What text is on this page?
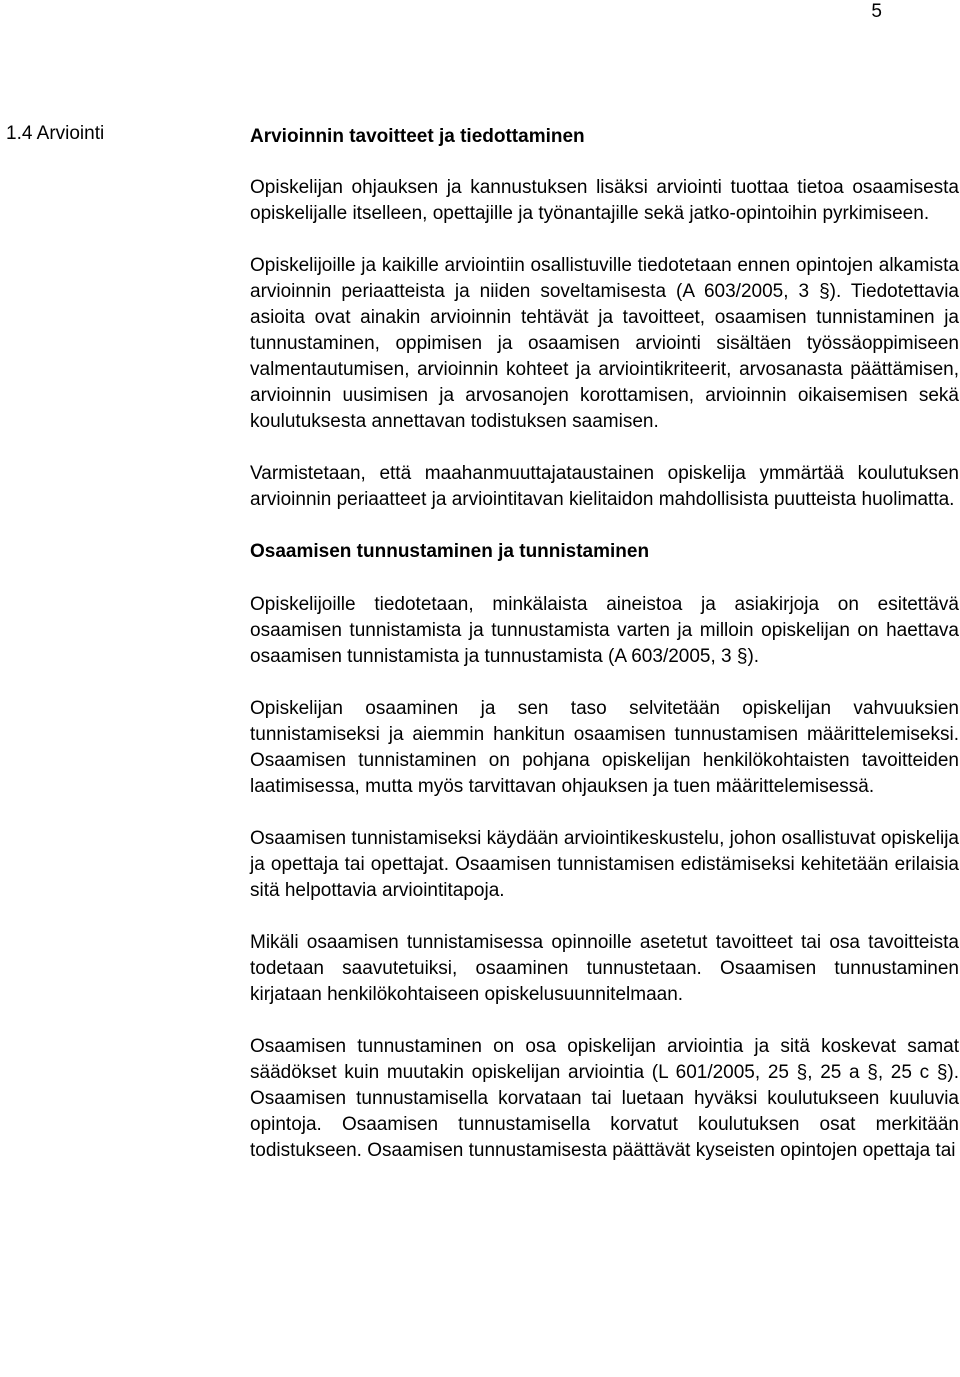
5
1.4 Arviointi	Arvioinnin tavoitteet ja tiedottaminen

Opiskelijan ohjauksen ja kannustuksen lisäksi arviointi tuottaa tietoa osaamisesta opiskelijalle itselleen, opettajille ja työnantajille sekä jatko-opintoihin pyrkimiseen.

Opiskelijoille ja kaikille arviointiin osallistuville tiedotetaan ennen opintojen alkamista arvioinnin periaatteista ja niiden soveltamisesta (A 603/2005, 3 §). Tiedotettavia asioita ovat ainakin arvioinnin tehtävät ja tavoitteet, osaamisen tunnistaminen ja tunnustaminen, oppimisen ja osaamisen arviointi sisältäen työssäoppimiseen valmentautumisen, arvioinnin kohteet ja arviointikriteerit, arvosanasta päättämisen, arvioinnin uusimisen ja arvosanojen korottamisen, arvioinnin oikaisemisen sekä koulutuksesta annettavan todistuksen saamisen.

Varmistetaan, että maahanmuuttajataustainen opiskelija ymmärtää koulutuksen arvioinnin periaatteet ja arviointitavan kielitaidon mahdollisista puutteista huolimatta.

Osaamisen tunnustaminen ja tunnistaminen

Opiskelijoille tiedotetaan, minkälaista aineistoa ja asiakirjoja on esitettävä osaamisen tunnistamista ja tunnustamista varten ja milloin opiskelijan on haettava osaamisen tunnistamista ja tunnustamista (A 603/2005, 3 §).

Opiskelijan osaaminen ja sen taso selvitetään opiskelijan vahvuuksien tunnistamiseksi ja aiemmin hankitun osaamisen tunnustamisen määrittelemiseksi. Osaamisen tunnistaminen on pohjana opiskelijan henkilökohtaisten tavoitteiden laatimisessa, mutta myös tarvittavan ohjauksen ja tuen määrittelemisessä.

Osaamisen tunnistamiseksi käydään arviointikeskustelu, johon osallistuvat opiskelija ja opettaja tai opettajat. Osaamisen tunnistamisen edistämiseksi kehitetään erilaisia sitä helpottavia arviointitapoja.

Mikäli osaamisen tunnistamisessa opinnoille asetetut tavoitteet tai osa tavoitteista todetaan saavutetuiksi, osaaminen tunnustetaan. Osaamisen tunnustaminen kirjataan henkilökohtaiseen opiskelusuunnitelmaan.

Osaamisen tunnustaminen on osa opiskelijan arviointia ja sitä koskevat samat säädökset kuin muutakin opiskelijan arviointia (L 601/2005, 25 §, 25 a §, 25 c §). Osaamisen tunnustamisella korvataan tai luetaan hyväksi koulutukseen kuuluvia opintoja. Osaamisen tunnustamisella korvatut koulutuksen osat merkitään todistukseen. Osaamisen tunnustamisesta päättävät kyseisten opintojen opettaja tai
